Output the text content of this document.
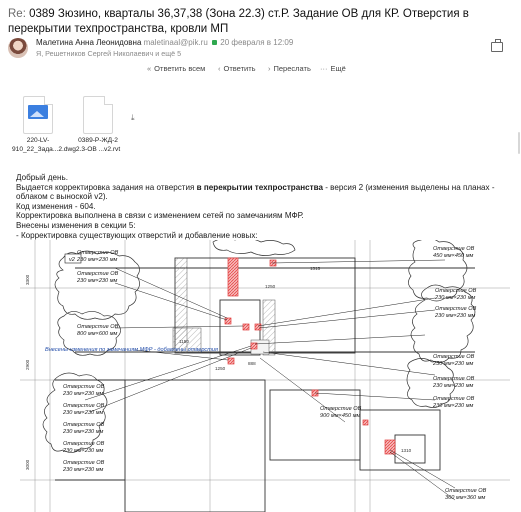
Re: 0389 Зюзино, кварталы 36,37,38 (Зона 22.3) ст.Р. Задание ОВ для КР. Отверстия в перекрытии техпространства, кровли МП
Малетина Анна Леонидовна maletinaal@pik.ru 20 февраля в 12:09
Я, Решетников Сергей Николаевич и ещё 5
« Ответить всем ‹ Ответить › Переслать ··· Ещё
220-LV-910_22_Зада...2.dwg
0389-Р-ЖД-2 2.3-ОВ ...v2.rvt
⤓

Добрый день.

Выдается корректировка задания на отверстия в перекрытии техпространства - версия 2 (изменения выделены на планах - облаком с выноской v2).

Код изменения - 604.

Корректировка выполнена в связи с изменением сетей по замечаниям МФР.

Внесены изменения в секции 5:

- Корректировка существующих отверстий и добавление новых:

3300
2900
3000
1315
1250
1150
888
1310
1250
v2
Отверстие ОВ
230 мм×230 мм
Отверстие ОВ
230 мм×230 мм
Отверстие ОВ
800 мм×600 мм
Отверстие ОВ
230 мм×230 мм
Отверстие ОВ
230 мм×230 мм
Отверстие ОВ
230 мм×230 мм
Отверстие ОВ
230 мм×230 мм
Отверстие ОВ
230 мм×230 мм
Внесены изменения по замечаниям МФР - добавлены отверстия
Отверстие ОВ
450 мм×450 мм
Отверстие ОВ
230 мм×230 мм
Отверстие ОВ
230 мм×230 мм
Отверстие ОВ
230 мм×230 мм
Отверстие ОВ
230 мм×230 мм
Отверстие ОВ
230 мм×230 мм
Отверстие ОВ
360 мм×360 мм
Отверстие ОВ
900 мм×450 мм
